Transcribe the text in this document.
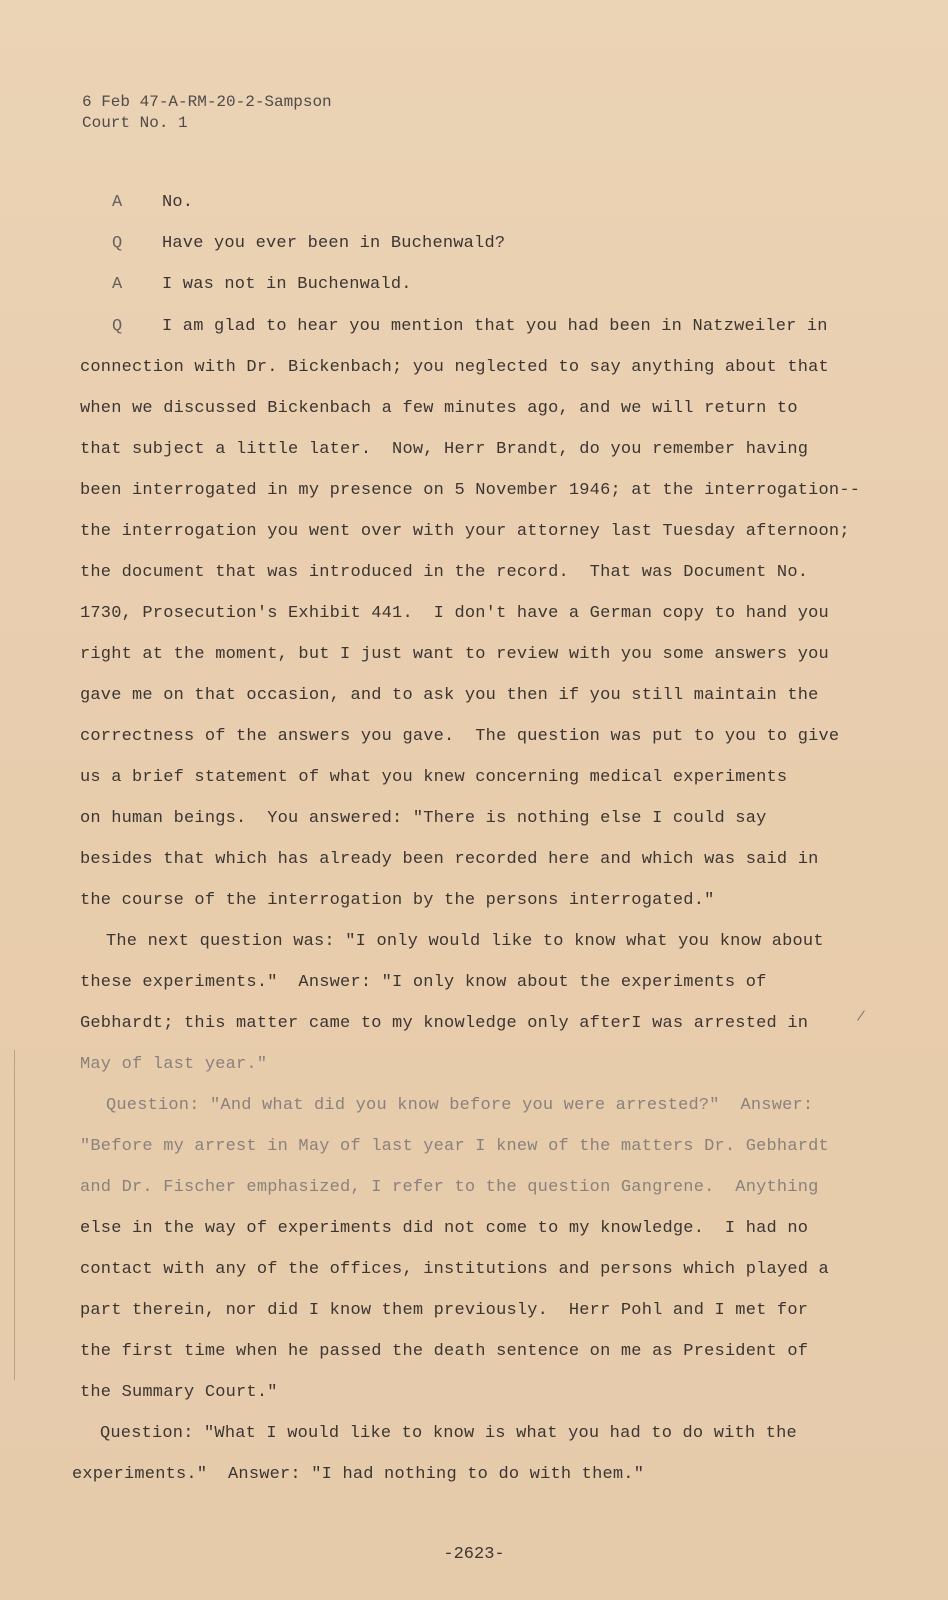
6 Feb 47-A-RM-20-2-Sampson
Court No. 1
A No.
Q Have you ever been in Buchenwald?
A I was not in Buchenwald.
Q I am glad to hear you mention that you had been in Natzweiler in
connection with Dr. Bickenbach; you neglected to say anything about that
when we discussed Bickenbach a few minutes ago, and we will return to
that subject a little later.  Now, Herr Brandt, do you remember having
been interrogated in my presence on 5 November 1946; at the interrogation--
the interrogation you went over with your attorney last Tuesday afternoon;
the document that was introduced in the record.  That was Document No.
1730, Prosecution's Exhibit 441.  I don't have a German copy to hand you
right at the moment, but I just want to review with you some answers you
gave me on that occasion, and to ask you then if you still maintain the
correctness of the answers you gave.  The question was put to you to give
us a brief statement of what you knew concerning medical experiments
on human beings.  You answered: "There is nothing else I could say
besides that which has already been recorded here and which was said in
the course of the interrogation by the persons interrogated."
The next question was: "I only would like to know what you know about
these experiments."  Answer: "I only know about the experiments of
Gebhardt; this matter came to my knowledge only afterI was arrested in
May of last year."
Question: "And what did you know before you were arrested?"  Answer:
"Before my arrest in May of last year I knew of the matters Dr. Gebhardt
and Dr. Fischer emphasized, I refer to the question Gangrene.  Anything
else in the way of experiments did not come to my knowledge.  I had no
contact with any of the offices, institutions and persons which played a
part therein, nor did I know them previously.  Herr Pohl and I met for
the first time when he passed the death sentence on me as President of
the Summary Court."
Question: "What I would like to know is what you had to do with the
experiments."  Answer: "I had nothing to do with them."
-2623-
